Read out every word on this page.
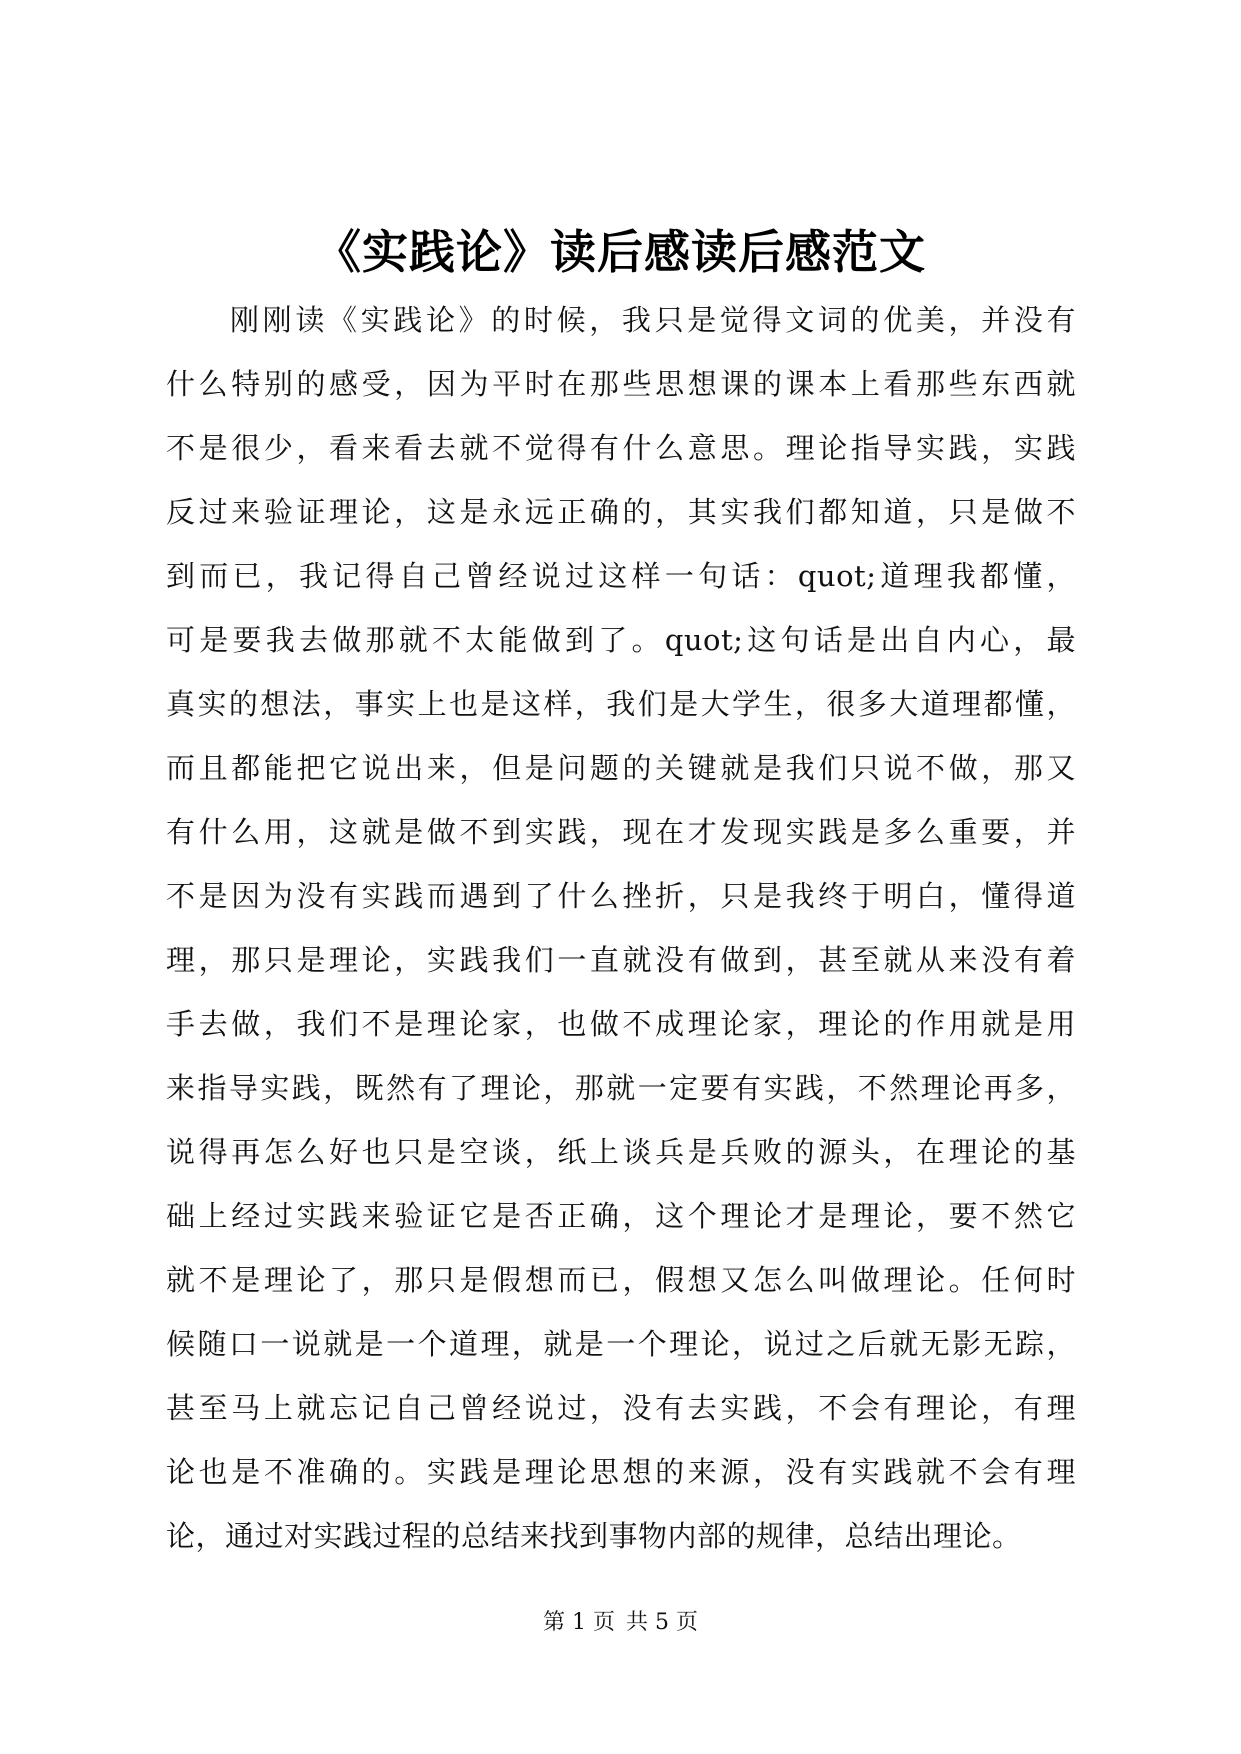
《实践论》读后感读后感范文
刚刚读《实践论》的时候，我只是觉得文词的优美，并没有
什么特别的感受，因为平时在那些思想课的课本上看那些东西就
不是很少，看来看去就不觉得有什么意思。理论指导实践，实践
反过来验证理论，这是永远正确的，其实我们都知道，只是做不
到而已，我记得自己曾经说过这样一句话：quot;道理我都懂，
可是要我去做那就不太能做到了。quot;这句话是出自内心，最
真实的想法，事实上也是这样，我们是大学生，很多大道理都懂，
而且都能把它说出来，但是问题的关键就是我们只说不做，那又
有什么用，这就是做不到实践，现在才发现实践是多么重要，并
不是因为没有实践而遇到了什么挫折，只是我终于明白，懂得道
理，那只是理论，实践我们一直就没有做到，甚至就从来没有着
手去做，我们不是理论家，也做不成理论家，理论的作用就是用
来指导实践，既然有了理论，那就一定要有实践，不然理论再多，
说得再怎么好也只是空谈，纸上谈兵是兵败的源头，在理论的基
础上经过实践来验证它是否正确，这个理论才是理论，要不然它
就不是理论了，那只是假想而已，假想又怎么叫做理论。任何时
候随口一说就是一个道理，就是一个理论，说过之后就无影无踪，
甚至马上就忘记自己曾经说过，没有去实践，不会有理论，有理
论也是不准确的。实践是理论思想的来源，没有实践就不会有理
论，通过对实践过程的总结来找到事物内部的规律，总结出理论。
第 1 页 共 5 页
